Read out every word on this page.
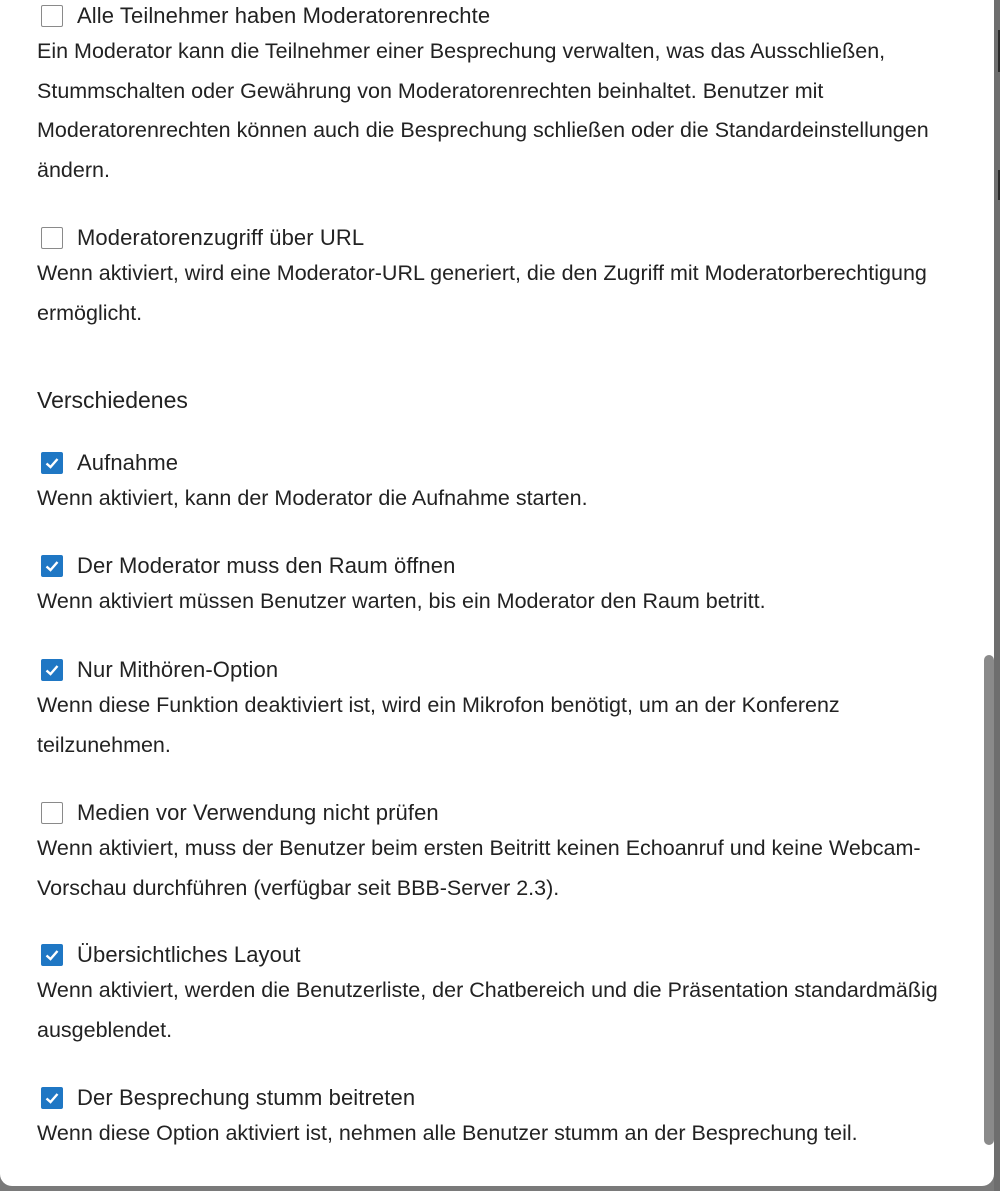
Alle Teilnehmer haben Moderatorenrechte
Ein Moderator kann die Teilnehmer einer Besprechung verwalten, was das Ausschließen, Stummschalten oder Gewährung von Moderatorenrechten beinhaltet. Benutzer mit Moderatorenrechten können auch die Besprechung schließen oder die Standardeinstellungen ändern.
Moderatorenzugriff über URL
Wenn aktiviert, wird eine Moderator-URL generiert, die den Zugriff mit Moderatorberechtigung ermöglicht.
Verschiedenes
Aufnahme
Wenn aktiviert, kann der Moderator die Aufnahme starten.
Der Moderator muss den Raum öffnen
Wenn aktiviert müssen Benutzer warten, bis ein Moderator den Raum betritt.
Nur Mithören-Option
Wenn diese Funktion deaktiviert ist, wird ein Mikrofon benötigt, um an der Konferenz teilzunehmen.
Medien vor Verwendung nicht prüfen
Wenn aktiviert, muss der Benutzer beim ersten Beitritt keinen Echoanruf und keine Webcam-Vorschau durchführen (verfügbar seit BBB-Server 2.3).
Übersichtliches Layout
Wenn aktiviert, werden die Benutzerliste, der Chatbereich und die Präsentation standardmäßig ausgeblendet.
Der Besprechung stumm beitreten
Wenn diese Option aktiviert ist, nehmen alle Benutzer stumm an der Besprechung teil.
